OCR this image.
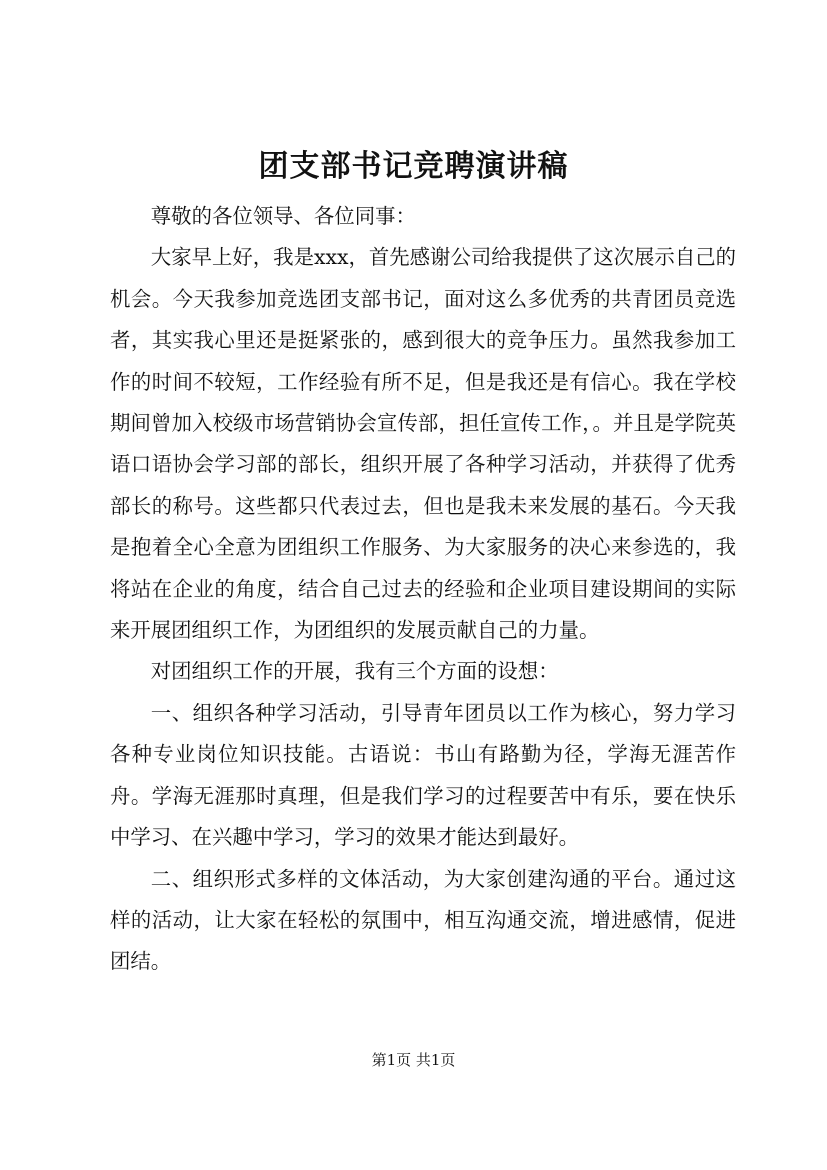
团支部书记竞聘演讲稿

尊敬的各位领导、各位同事：

大家早上好，我是xxx，首先感谢公司给我提供了这次展示自己的机会。今天我参加竞选团支部书记，面对这么多优秀的共青团员竞选者，其实我心里还是挺紧张的，感到很大的竞争压力。虽然我参加工作的时间不较短，工作经验有所不足，但是我还是有信心。我在学校期间曾加入校级市场营销协会宣传部，担任宣传工作，。并且是学院英语口语协会学习部的部长，组织开展了各种学习活动，并获得了优秀部长的称号。这些都只代表过去，但也是我未来发展的基石。今天我是抱着全心全意为团组织工作服务、为大家服务的决心来参选的，我将站在企业的角度，结合自己过去的经验和企业项目建设期间的实际来开展团组织工作，为团组织的发展贡献自己的力量。

对团组织工作的开展，我有三个方面的设想：

一、组织各种学习活动，引导青年团员以工作为核心，努力学习各种专业岗位知识技能。古语说：书山有路勤为径，学海无涯苦作舟。学海无涯那时真理，但是我们学习的过程要苦中有乐，要在快乐中学习、在兴趣中学习，学习的效果才能达到最好。

二、组织形式多样的文体活动，为大家创建沟通的平台。通过这样的活动，让大家在轻松的氛围中，相互沟通交流，增进感情，促进团结。

第1页 共1页
